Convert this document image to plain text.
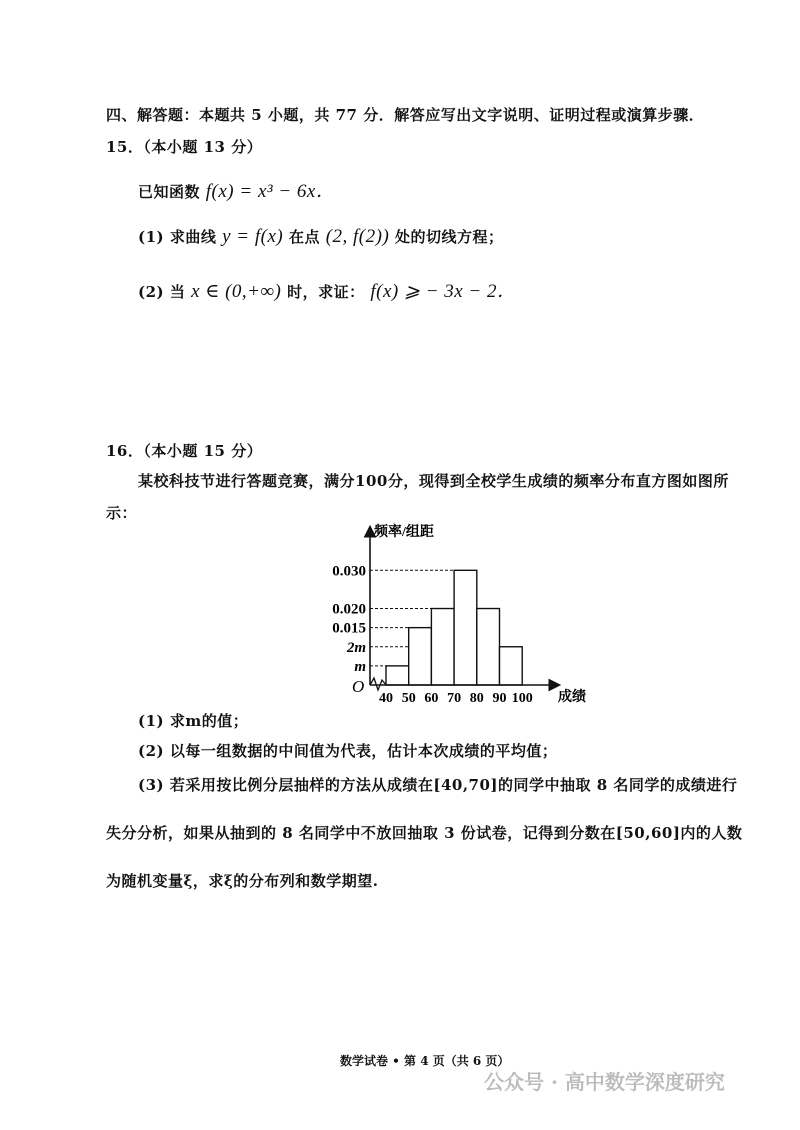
四、解答题：本题共 5 小题，共 77 分．解答应写出文字说明、证明过程或演算步骤．
15．（本小题 13 分）
已知函数 f(x) = x³ − 6x．
(1) 求曲线 y = f(x) 在点 (2, f(2)) 处的切线方程；
(2) 当 x ∈ (0,+∞) 时，求证： f(x) ⩾ − 3x − 2．
16．（本小题 15 分）
某校科技节进行答题竞赛，满分100分，现得到全校学生成绩的频率分布直方图如图所
示：
0.030
0.020
0.015
2m
m
40 50 60 70 80 90 100
频率/组距
成绩
O
(1) 求m的值；
(2) 以每一组数据的中间值为代表，估计本次成绩的平均值；
(3) 若采用按比例分层抽样的方法从成绩在[40,70]的同学中抽取 8 名同学的成绩进行
失分分析，如果从抽到的 8 名同学中不放回抽取 3 份试卷，记得到分数在[50,60]内的人数
为随机变量ξ，求ξ的分布列和数学期望.
数学试卷 • 第 4 页（共 6 页）
公众号 · 高中数学深度研究
